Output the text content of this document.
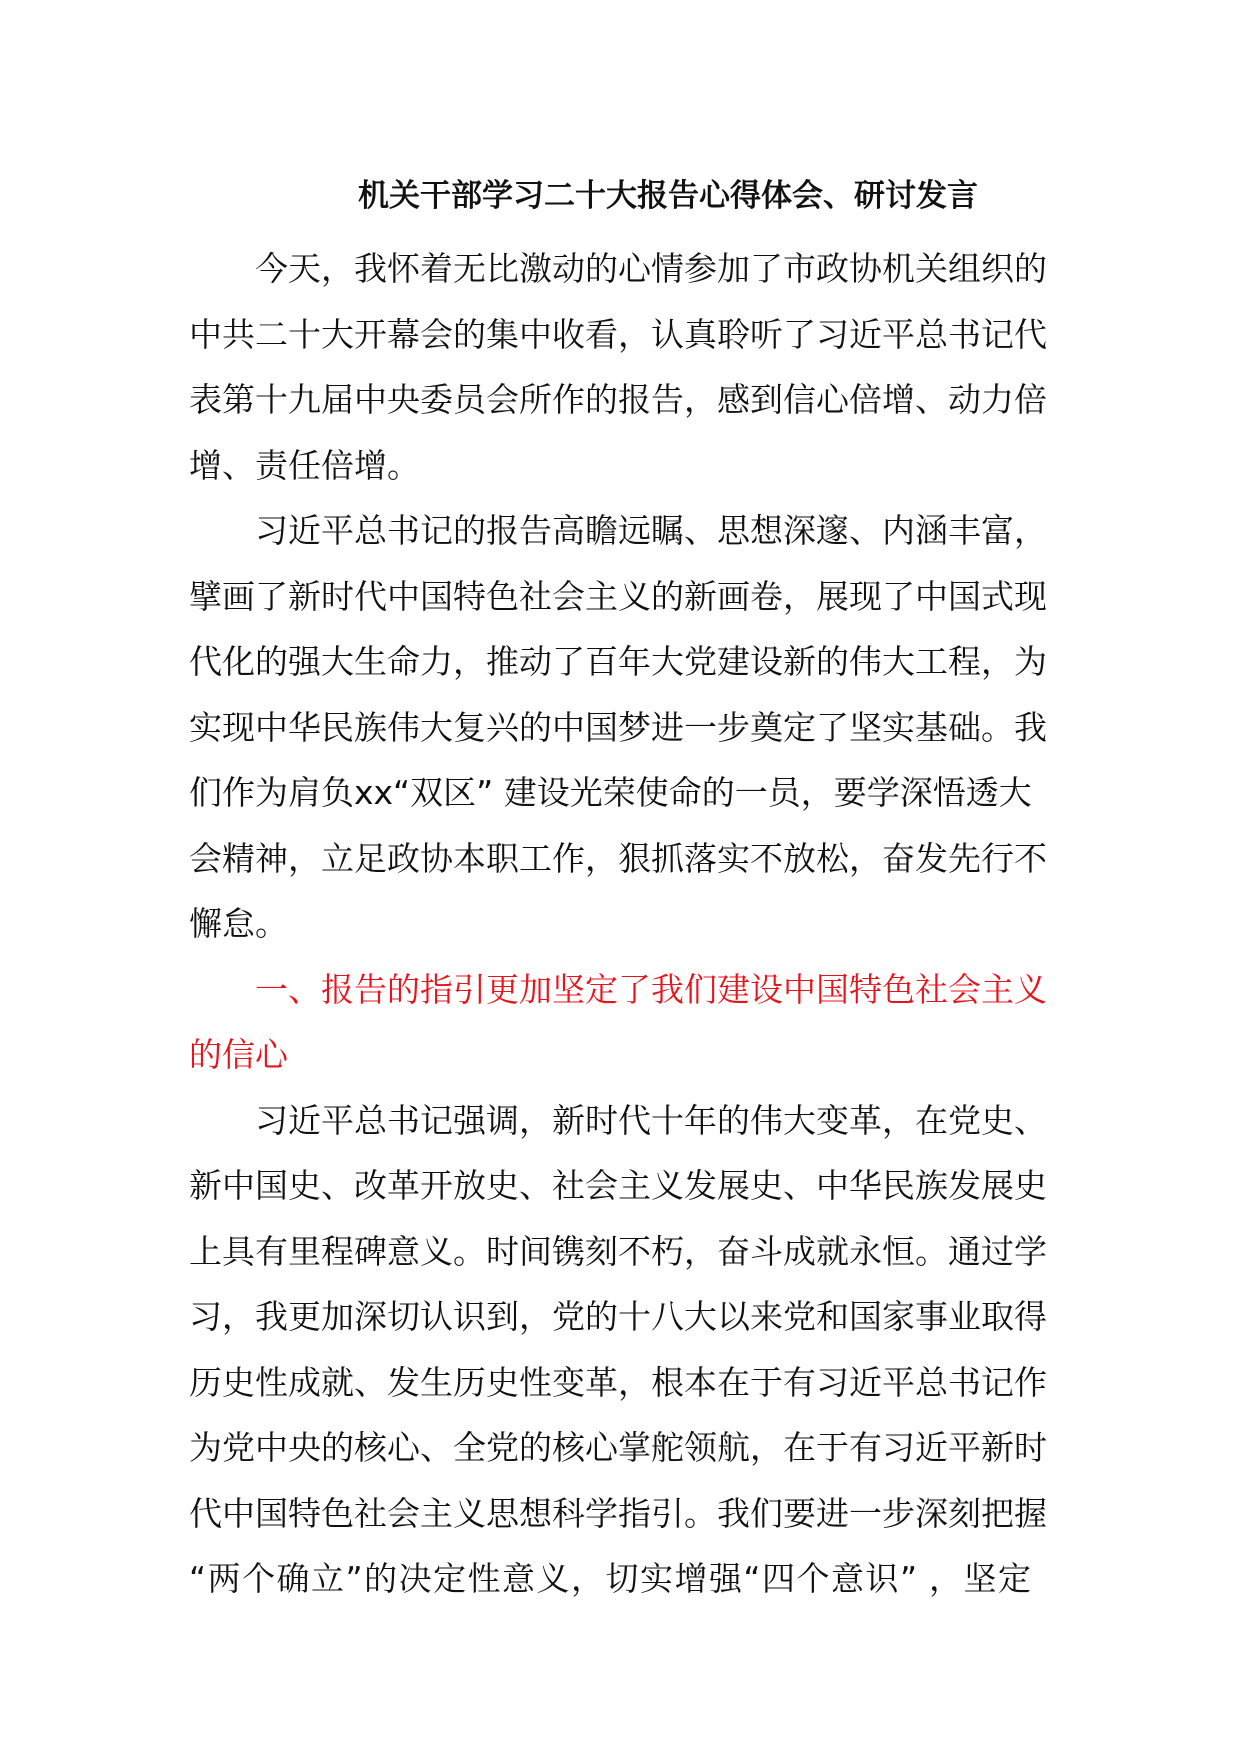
机关干部学习二十大报告心得体会、研讨发言
今天，我怀着无比激动的心情参加了市政协机关组织的
中共二十大开幕会的集中收看，认真聆听了习近平总书记代
表第十九届中央委员会所作的报告，感到信心倍增、动力倍
增、责任倍增。
习近平总书记的报告高瞻远瞩、思想深邃、内涵丰富，
擘画了新时代中国特色社会主义的新画卷，展现了中国式现
代化的强大生命力，推动了百年大党建设新的伟大工程，为
实现中华民族伟大复兴的中国梦进一步奠定了坚实基础。我
们作为肩负xx“双区” 建设光荣使命的一员，要学深悟透大
会精神，立足政协本职工作，狠抓落实不放松，奋发先行不
懈怠。
一、报告的指引更加坚定了我们建设中国特色社会主义
的信心
习近平总书记强调，新时代十年的伟大变革，在党史、
新中国史、改革开放史、社会主义发展史、中华民族发展史
上具有里程碑意义。时间镌刻不朽，奋斗成就永恒。通过学
习，我更加深切认识到，党的十八大以来党和国家事业取得
历史性成就、发生历史性变革，根本在于有习近平总书记作
为党中央的核心、全党的核心掌舵领航，在于有习近平新时
代中国特色社会主义思想科学指引。我们要进一步深刻把握
“两个确立”的决定性意义，切实增强“四个意识” ，坚定
